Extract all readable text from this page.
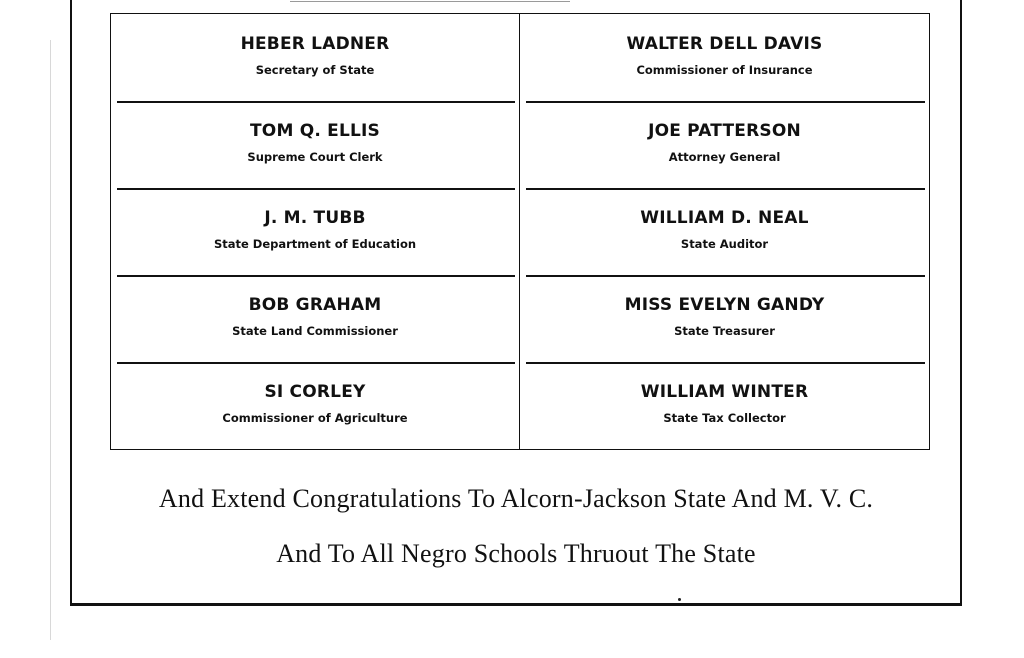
HEBER LADNER
Secretary of State
TOM Q. ELLIS
Supreme Court Clerk
J. M. TUBB
State Department of Education
BOB GRAHAM
State Land Commissioner
SI CORLEY
Commissioner of Agriculture
WALTER DELL DAVIS
Commissioner of Insurance
JOE PATTERSON
Attorney General
WILLIAM D. NEAL
State Auditor
MISS EVELYN GANDY
State Treasurer
WILLIAM WINTER
State Tax Collector
And Extend Congratulations To Alcorn-Jackson State And M. V. C.
And To All Negro Schools Thruout The State
